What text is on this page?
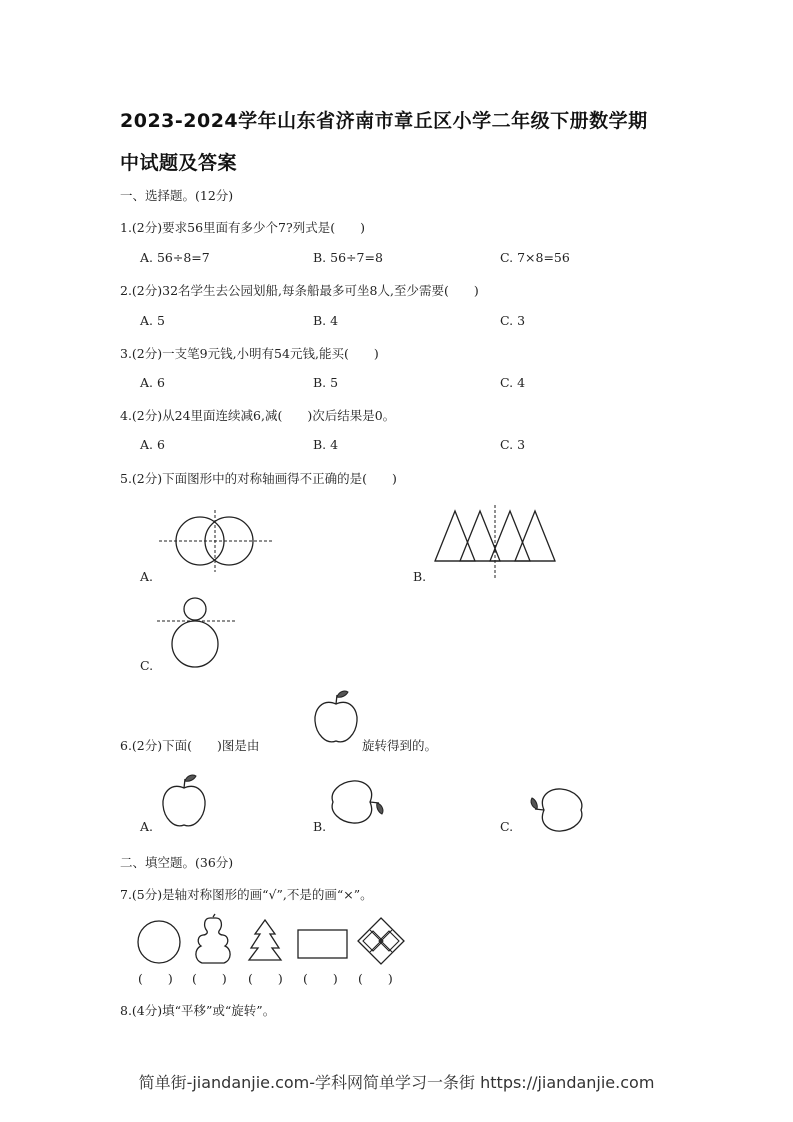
2023-2024学年山东省济南市章丘区小学二年级下册数学期
中试题及答案
一、选择题。(12分)
1.(2分)要求56里面有多少个7?列式是(　　)
A. 56÷8=7	B. 56÷7=8	C. 7×8=56
2.(2分)32名学生去公园划船,每条船最多可坐8人,至少需要(　　)
A. 5	B. 4	C. 3
3.(2分)一支笔9元钱,小明有54元钱,能买(　　)
A. 6	B. 5	C. 4
4.(2分)从24里面连续减6,减(　　)次后结果是0。
A. 6	B. 4	C. 3
5.(2分)下面图形中的对称轴画得不正确的是(　　)
A.	B.
C.
6.(2分)下面(　　)图是由	旋转得到的。
A.	B.	C.
二、填空题。(36分)
7.(5分)是轴对称图形的画“√”,不是的画“×”。
(　　) (　　) (　　) (　　) (　　)
8.(4分)填“平移”或“旋转”。
简单街-jiandanjie.com-学科网简单学习一条街 https://jiandanjie.com
